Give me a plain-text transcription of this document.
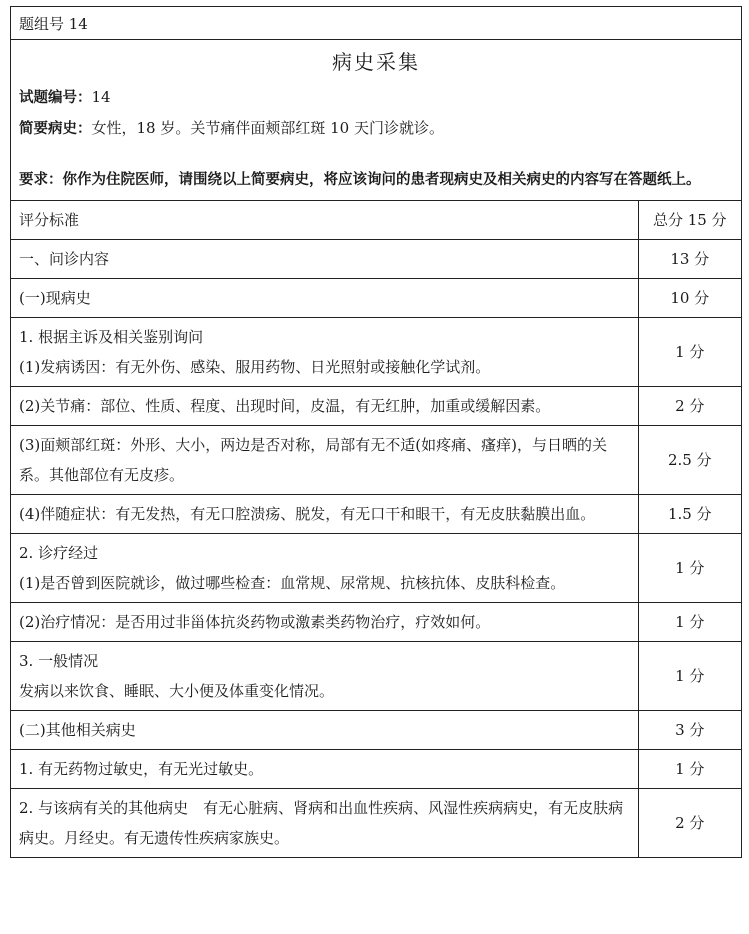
题组号 14
病史采集
试题编号：14
简要病史：女性，18 岁。关节痛伴面颊部红斑 10 天门诊就诊。
要求： 你作为住院医师，请围绕以上简要病史，将应该询问的患者现病史及相关病史的内容写在答题纸上。
评分标准	总分 15 分

一、问诊内容	13 分

(一)现病史	10 分

1. 根据主诉及相关鉴别询问
(1)发病诱因：有无外伤、感染、服用药物、日光照射或接触化学试剂。	1 分

(2)关节痛：部位、性质、程度、出现时间，皮温，有无红肿，加重或缓解因素。	2 分

(3)面颊部红斑：外形、大小，两边是否对称，局部有无不适(如疼痛、瘙痒)，与日晒的关系。其他部位有无皮疹。	2.5 分

(4)伴随症状：有无发热，有无口腔溃疡、脱发，有无口干和眼干，有无皮肤黏膜出血。	1.5 分

2. 诊疗经过
(1)是否曾到医院就诊，做过哪些检查：血常规、尿常规、抗核抗体、皮肤科检查。	1 分

(2)治疗情况：是否用过非甾体抗炎药物或激素类药物治疗，疗效如何。	1 分

3. 一般情况
发病以来饮食、睡眠、大小便及体重变化情况。	1 分

(二)其他相关病史	3 分

1. 有无药物过敏史，有无光过敏史。	1 分

2. 与该病有关的其他病史　有无心脏病、肾病和出血性疾病、风湿性疾病病史，有无皮肤病病史。月经史。有无遗传性疾病家族史。	2 分
